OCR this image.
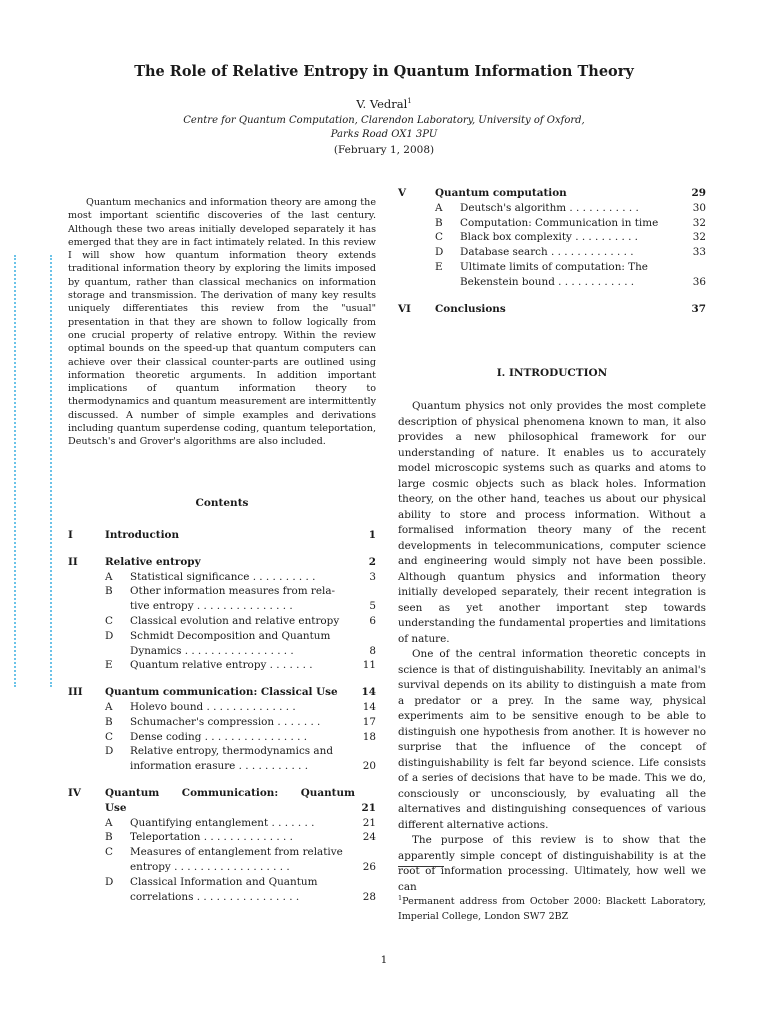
The Role of Relative Entropy in Quantum Information Theory
V. Vedral$^1$
Centre for Quantum Computation, Clarendon Laboratory, University of Oxford,
Parks Road OX1 3PU
(February 1, 2008)
Quantum mechanics and information theory are among the most important scientific discoveries of the last century. Although these two areas initially developed separately it has emerged that they are in fact intimately related. In this review I will show how quantum information theory extends traditional information theory by exploring the limits imposed by quantum, rather than classical mechanics on information storage and transmission. The derivation of many key results uniquely differentiates this review from the "usual" presentation in that they are shown to follow logically from one crucial property of relative entropy. Within the review optimal bounds on the speed-up that quantum computers can achieve over their classical counter-parts are outlined using information theoretic arguments. In addition important implications of quantum information theory to thermodynamics and quantum measurement are intermittently discussed. A number of simple examples and derivations including quantum superdense coding, quantum teleportation, Deutsch's and Grover's algorithms are also included.
Contents
I	Introduction	1
II	Relative entropy	2
A Statistical significance . . . . . . . . . .	3
B Other information measures from rela-
tive entropy . . . . . . . . . . . . . . .	5
C Classical evolution and relative entropy	6
D Schmidt Decomposition and Quantum
Dynamics . . . . . . . . . . . . . . . . .	8
E Quantum relative entropy . . . . . . .	11
III Quantum communication: Classical Use	14
A Holevo bound . . . . . . . . . . . . . .	14
B Schumacher's compression . . . . . . .	17
C Dense coding . . . . . . . . . . . . . . . .	18
D Relative entropy, thermodynamics and
information erasure . . . . . . . . . . .	20
IV Quantum Communication: Quantum
Use	21
A Quantifying entanglement . . . . . . .	21
B Teleportation . . . . . . . . . . . . . .	24
C Measures of entanglement from relative
entropy . . . . . . . . . . . . . . . . . .	26
D Classical Information and Quantum
correlations . . . . . . . . . . . . . . . .	28
V	Quantum computation	29
A Deutsch's algorithm . . . . . . . . . . .	30
B Computation: Communication in time	32
C Black box complexity . . . . . . . . . .	32
D Database search . . . . . . . . . . . . .	33
E Ultimate limits of computation: The
Bekenstein bound . . . . . . . . . . . .	36
VI Conclusions	37
I. INTRODUCTION

Quantum physics not only provides the most complete description of physical phenomena known to man, it also provides a new philosophical framework for our understanding of nature. It enables us to accurately model microscopic systems such as quarks and atoms to large cosmic objects such as black holes. Information theory, on the other hand, teaches us about our physical ability to store and process information. Without a formalised information theory many of the recent developments in telecommunications, computer science and engineering would simply not have been possible. Although quantum physics and information theory initially developed separately, their recent integration is seen as yet another important step towards understanding the fundamental properties and limitations of nature.

One of the central information theoretic concepts in science is that of distinguishability. Inevitably an animal's survival depends on its ability to distinguish a mate from a predator or a prey. In the same way, physical experiments aim to be sensitive enough to be able to distinguish one hypothesis from another. It is however no surprise that the influence of the concept of distinguishability is felt far beyond science. Life consists of a series of decisions that have to be made. This we do, consciously or unconsciously, by evaluating all the alternatives and distinguishing consequences of various different alternative actions.

The purpose of this review is to show that the apparently simple concept of distinguishability is at the root of information processing. Ultimately, how well we can

$^1$Permanent address from October 2000: Blackett Laboratory, Imperial College, London SW7 2BZ
1
